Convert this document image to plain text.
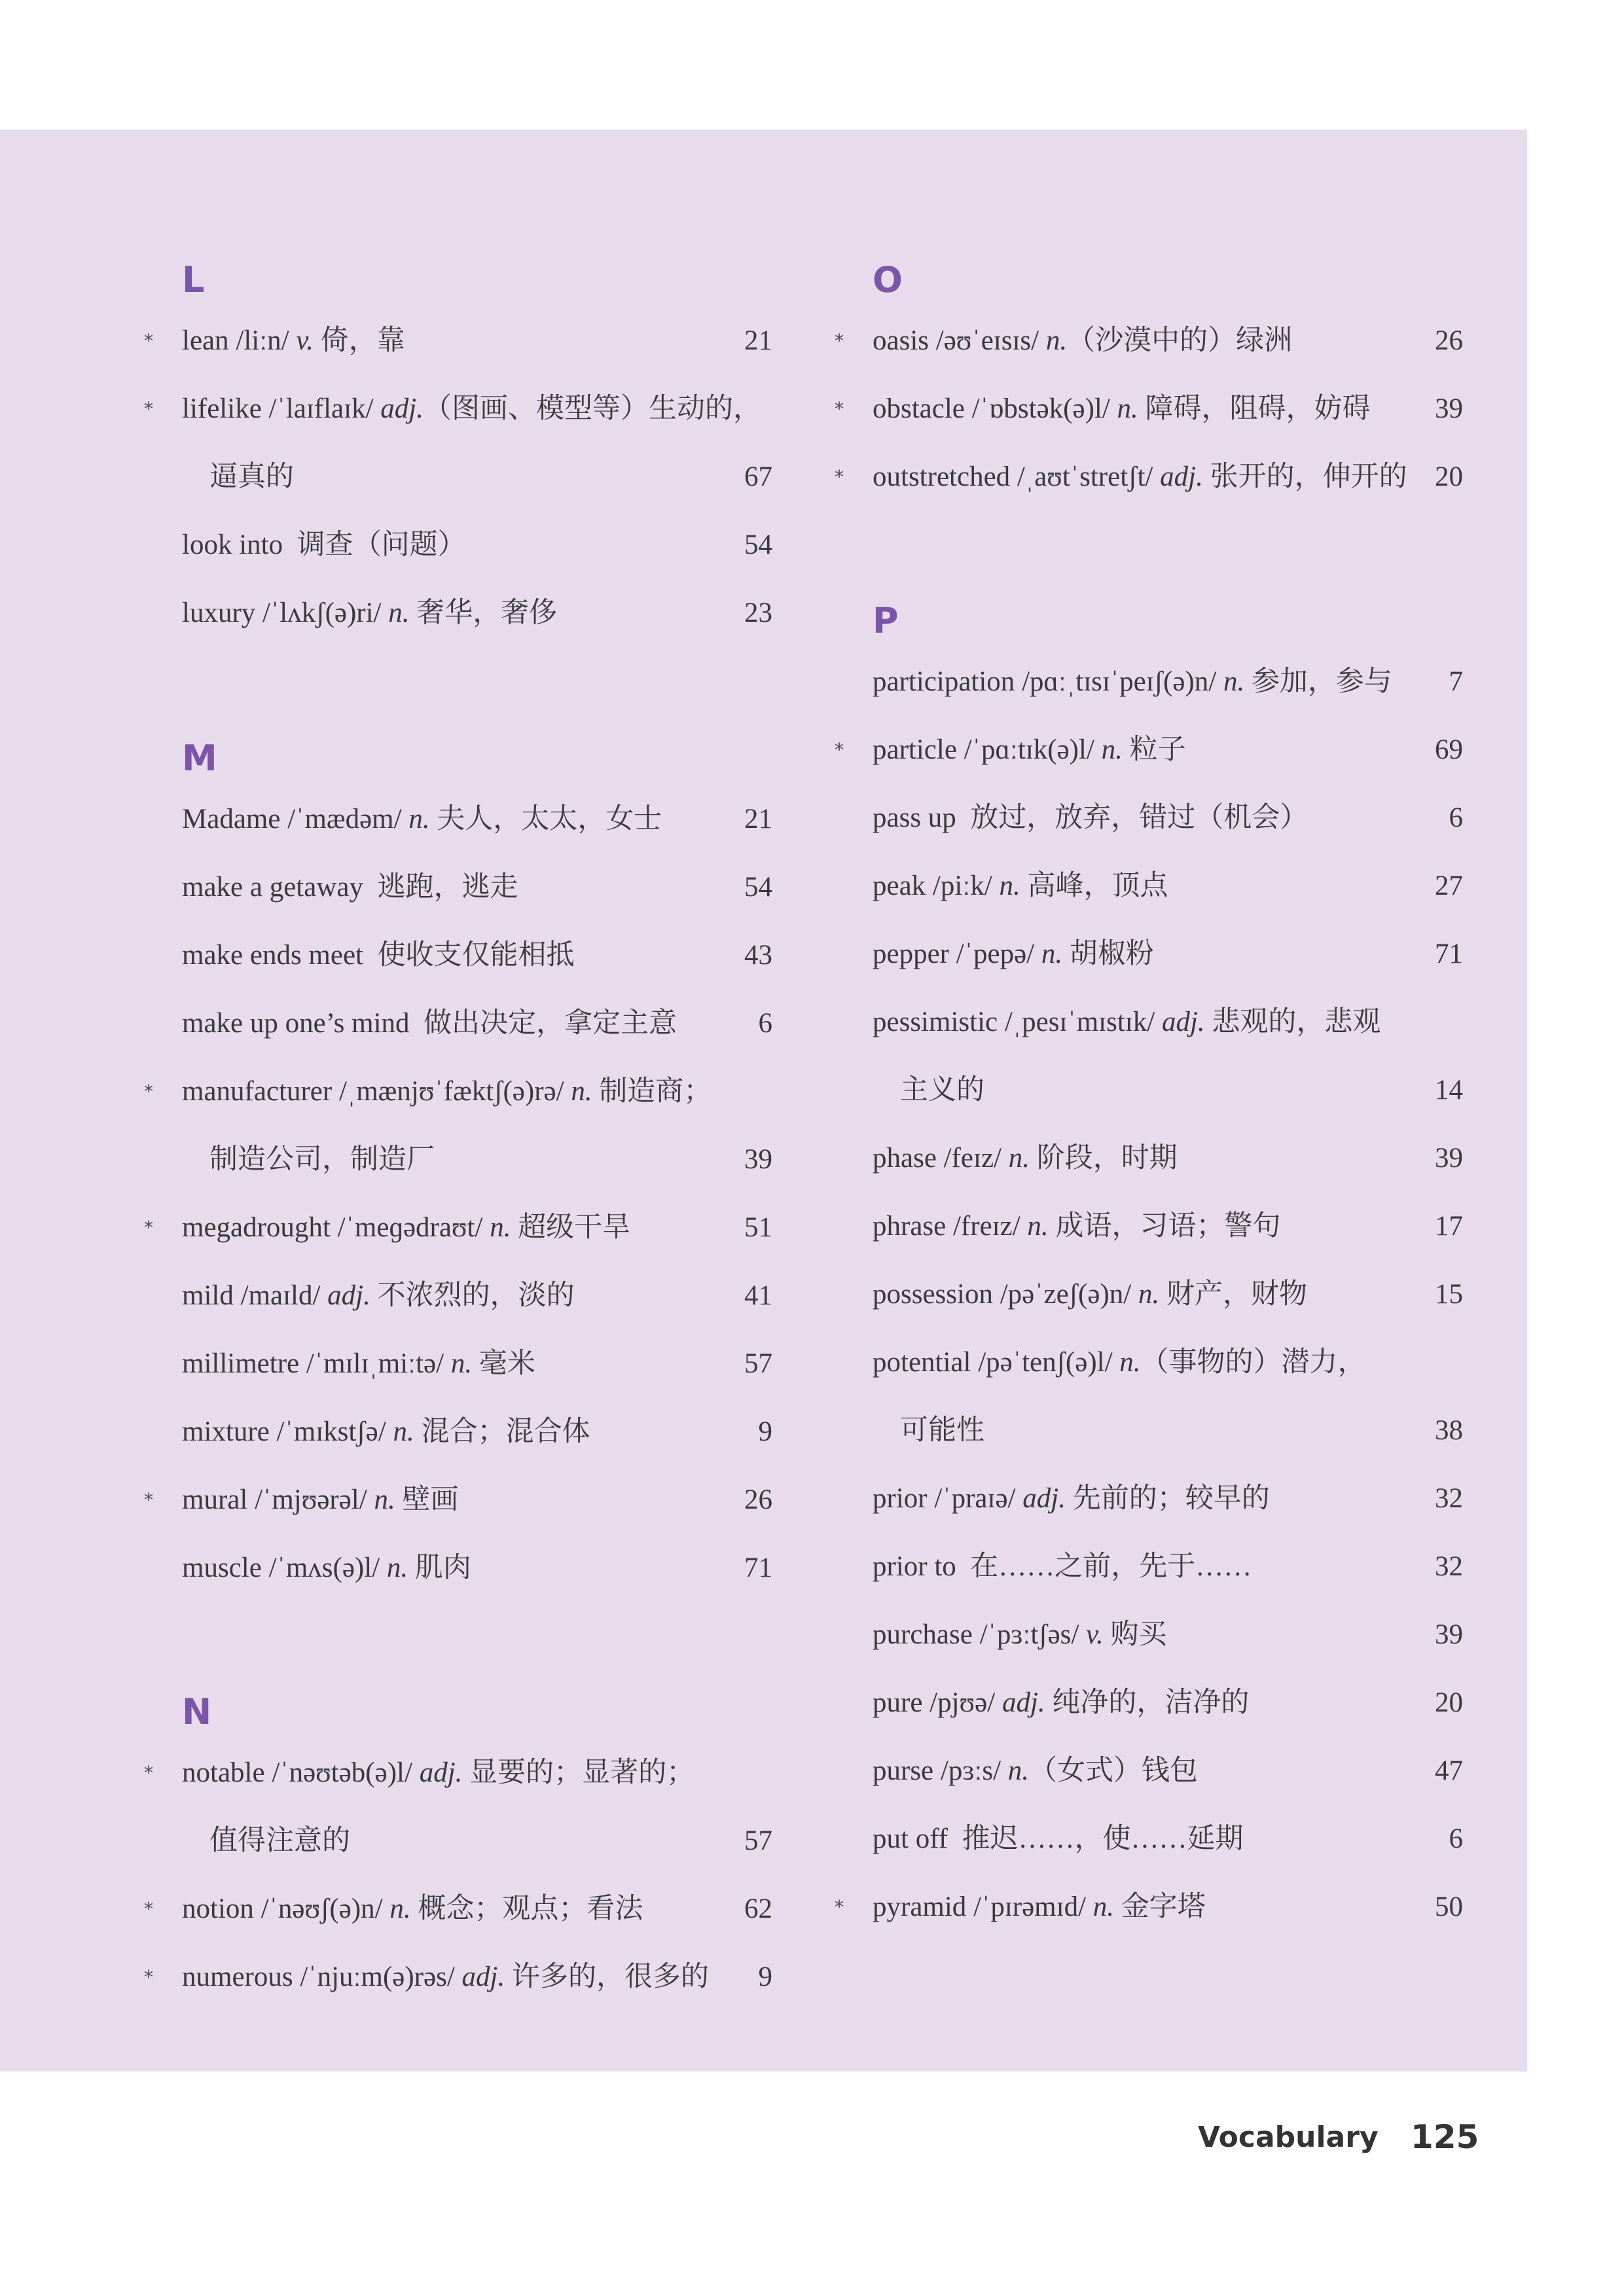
L
* lean /liːn/ v. 倚，靠	21
* lifelike /ˈlaɪflaɪk/ adj.（图画、模型等）生动的，
逼真的	67
look into  调查（问题）	54
luxury /ˈlʌkʃ(ə)ri/ n. 奢华，奢侈	23
M
Madame /ˈmædəm/ n. 夫人，太太，女士	21
make a getaway  逃跑，逃走	54
make ends meet  使收支仅能相抵	43
make up one’s mind  做出决定，拿定主意	6
* manufacturer /ˌmænjʊˈfæktʃ(ə)rə/ n. 制造商；
制造公司，制造厂	39
* megadrought /ˈmeɡədraʊt/ n. 超级干旱	51
mild /maɪld/ adj. 不浓烈的，淡的	41
millimetre /ˈmɪlɪˌmiːtə/ n. 毫米	57
mixture /ˈmɪkstʃə/ n. 混合；混合体	9
* mural /ˈmjʊərəl/ n. 壁画	26
muscle /ˈmʌs(ə)l/ n. 肌肉	71
N
* notable /ˈnəʊtəb(ə)l/ adj. 显要的；显著的；
值得注意的	57
* notion /ˈnəʊʃ(ə)n/ n. 概念；观点；看法	62
* numerous /ˈnjuːm(ə)rəs/ adj. 许多的，很多的 9
O
* oasis /əʊˈeɪsɪs/ n.（沙漠中的）绿洲	26
* obstacle /ˈɒbstək(ə)l/ n. 障碍，阻碍，妨碍 39
* outstretched /ˌaʊtˈstretʃt/ adj. 张开的，伸开的 20
P
participation /pɑːˌtɪsɪˈpeɪʃ(ə)n/ n. 参加，参与 7
* particle /ˈpɑːtɪk(ə)l/ n. 粒子	69
pass up  放过，放弃，错过（机会）	6
peak /piːk/ n. 高峰，顶点	27
pepper /ˈpepə/ n. 胡椒粉	71
pessimistic /ˌpesɪˈmɪstɪk/ adj. 悲观的，悲观
主义的	14
phase /feɪz/ n. 阶段，时期	39
phrase /freɪz/ n. 成语，习语；警句	17
possession /pəˈzeʃ(ə)n/ n. 财产，财物	15
potential /pəˈtenʃ(ə)l/ n.（事物的）潜力，
可能性	38
prior /ˈpraɪə/ adj. 先前的；较早的	32
prior to  在……之前，先于……	32
purchase /ˈpɜːtʃəs/ v. 购买	39
pure /pjʊə/ adj. 纯净的，洁净的	20
purse /pɜːs/ n.（女式）钱包	47
put off  推迟……，使……延期	6
* pyramid /ˈpɪrəmɪd/ n. 金字塔	50
Vocabulary 125
